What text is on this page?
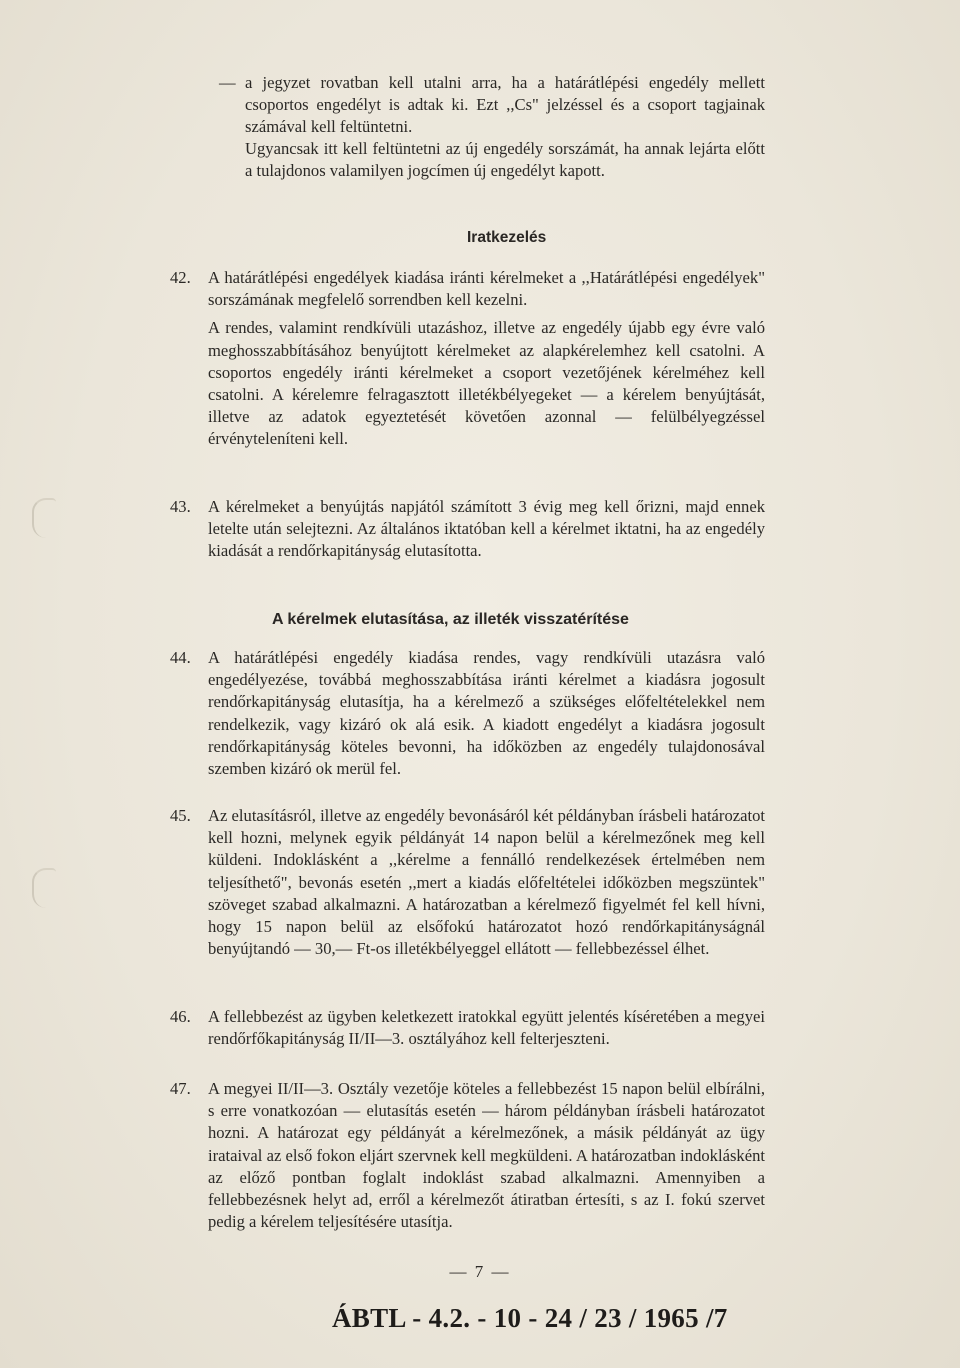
— a jegyzet rovatban kell utalni arra, ha a határátlépési engedély mellett csoportos engedélyt is adtak ki. Ezt ,,Cs" jelzéssel és a csoport tagjainak számával kell feltüntetni.
Ugyancsak itt kell feltüntetni az új engedély sorszámát, ha annak lejárta előtt a tulajdonos valamilyen jogcímen új engedélyt kapott.
Iratkezelés
42.	A határátlépési engedélyek kiadása iránti kérelmeket a ,,Határátlépési engedélyek" sorszámának megfelelő sorrendben kell kezelni.
A rendes, valamint rendkívüli utazáshoz, illetve az engedély újabb egy évre való meghosszabbításához benyújtott kérelmeket az alapkérelemhez kell csatolni. A csoportos engedély iránti kérelmeket a csoport vezetőjének kérelméhez kell csatolni. A kérelemre felragasztott illetékbélyegeket — a kérelem benyújtását, illetve az adatok egyeztetését követően azonnal — felülbélyegzéssel érvényteleníteni kell.
43.	A kérelmeket a benyújtás napjától számított 3 évig meg kell őrizni, majd ennek letelte után selejtezni. Az általános iktatóban kell a kérelmet iktatni, ha az engedély kiadását a rendőrkapitányság elutasította.
A kérelmek elutasítása, az illeték visszatérítése
44.	A határátlépési engedély kiadása rendes, vagy rendkívüli utazásra való engedélyezése, továbbá meghosszabbítása iránti kérelmet a kiadásra jogosult rendőrkapitányság elutasítja, ha a kérelmező a szükséges előfeltételekkel nem rendelkezik, vagy kizáró ok alá esik. A kiadott engedélyt a kiadásra jogosult rendőrkapitányság köteles bevonni, ha időközben az engedély tulajdonosával szemben kizáró ok merül fel.
45.	Az elutasításról, illetve az engedély bevonásáról két példányban írásbeli határozatot kell hozni, melynek egyik példányát 14 napon belül a kérelmezőnek meg kell küldeni. Indoklásként a ,,kérelme a fennálló rendelkezések értelmében nem teljesíthető", bevonás esetén ,,mert a kiadás előfeltételei időközben megszüntek" szöveget szabad alkalmazni. A határozatban a kérelmező figyelmét fel kell hívni, hogy 15 napon belül az elsőfokú határozatot hozó rendőrkapitányságnál benyújtandó — 30,— Ft-os illetékbélyeggel ellátott — fellebbezéssel élhet.
46.	A fellebbezést az ügyben keletkezett iratokkal együtt jelentés kíséretében a megyei rendőrfőkapitányság II/II—3. osztályához kell felterjeszteni.
47.	A megyei II/II—3. Osztály vezetője köteles a fellebbezést 15 napon belül elbírálni, s erre vonatkozóan — elutasítás esetén — három példányban írásbeli határozatot hozni. A határozat egy példányát a kérelmezőnek, a másik példányát az ügy irataival az első fokon eljárt szervnek kell megküldeni. A határozatban indoklásként az előző pontban foglalt indoklást szabad alkalmazni. Amennyiben a fellebbezésnek helyt ad, erről a kérelmezőt átiratban értesíti, s az I. fokú szervet pedig a kérelem teljesítésére utasítja.
— 7 —
ÁBTL - 4.2. - 10 - 24 / 23 / 1965 /7
